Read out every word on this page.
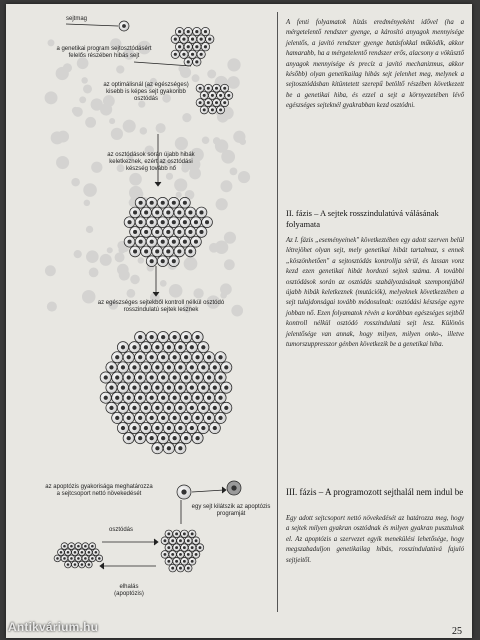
sejtmag
a genetikai program sejtosztódásért felelős részében hibás sejt
az optimálisnál (az egészséges) kisebb is képes sejt gyakoribb osztódás
az osztódások során újabb hibák keletkeznek, ezért az osztódási készség tovább nő
az egészséges sejtekből kontroll nélkül osztódó rosszindulatú sejtek lesznek
az apoptózis gyakorisága meghatározza a sejtcsoport nettó növekedését
egy sejt kilátszik az apoptózis programját
osztódás
elhalás (apoptózis)
A fenti folyamatok hízás eredményeként idővel (ha a mérgetelentő rendszer gyenge, a károsító anyagok mennyisége jelentős, a javító rendszer gyenge batásfokkal működik, akkor hamarabb, ha a mérgetelentő rendszer erős, alacsony a vöküsztő anyagok mennyisége és precíz a javító mechanizmus, akkor később) olyan genetikailag hibás sejt jelenhet meg, melynek a sejtosztódásban kitüntetett szerepű betöltő részében következett be a genetikai hiba, és ezzel a sejt a környezetében lévő egészséges sejteknél gyakrabban kezd osztódni.
II. fázis – A sejtek rosszindulatúvá válásának folyamata
Az I. fázis „eseményeinek" következtében egy adott szerven belül létrejöhet olyan sejt, mely genetikai hibát tartalmaz, s ennek „köszönhetően" a sejtosztódás kontrollja sérül, és lassan vonz kezd ezen genetikai hibát hordozó sejtek száma. A további osztódások során az osztódás szabályozásának szempontjából újabb hibák keletkeznek (mutációk), melyeknek következtében a sejt tulajdonságai tovább módosulnak: osztódási készsége egyre jobban nő. Ezen folyamatok révén a korábban egészséges sejtből kontroll nélkül osztódó rosszindulatú sejt lesz. Különös jelentősége van annak, hogy milyen, milyen onko-, illetve tumorszuppresszor génben következik be a genetikai hiba.
III. fázis – A programozott sejthalál nem indul be
Egy adott sejtcsoport nettó növekedését az határozza meg, hogy a sejtek milyen gyakran osztódnak és milyen gyakran pusztulnak el. Az apoptózis a szervezet egyik menekülési lehetősége, hogy megszabaduljon genetikailag hibás, rosszindulatúvá fajuló sejtjeitől.
25
Antikvárium.hu
